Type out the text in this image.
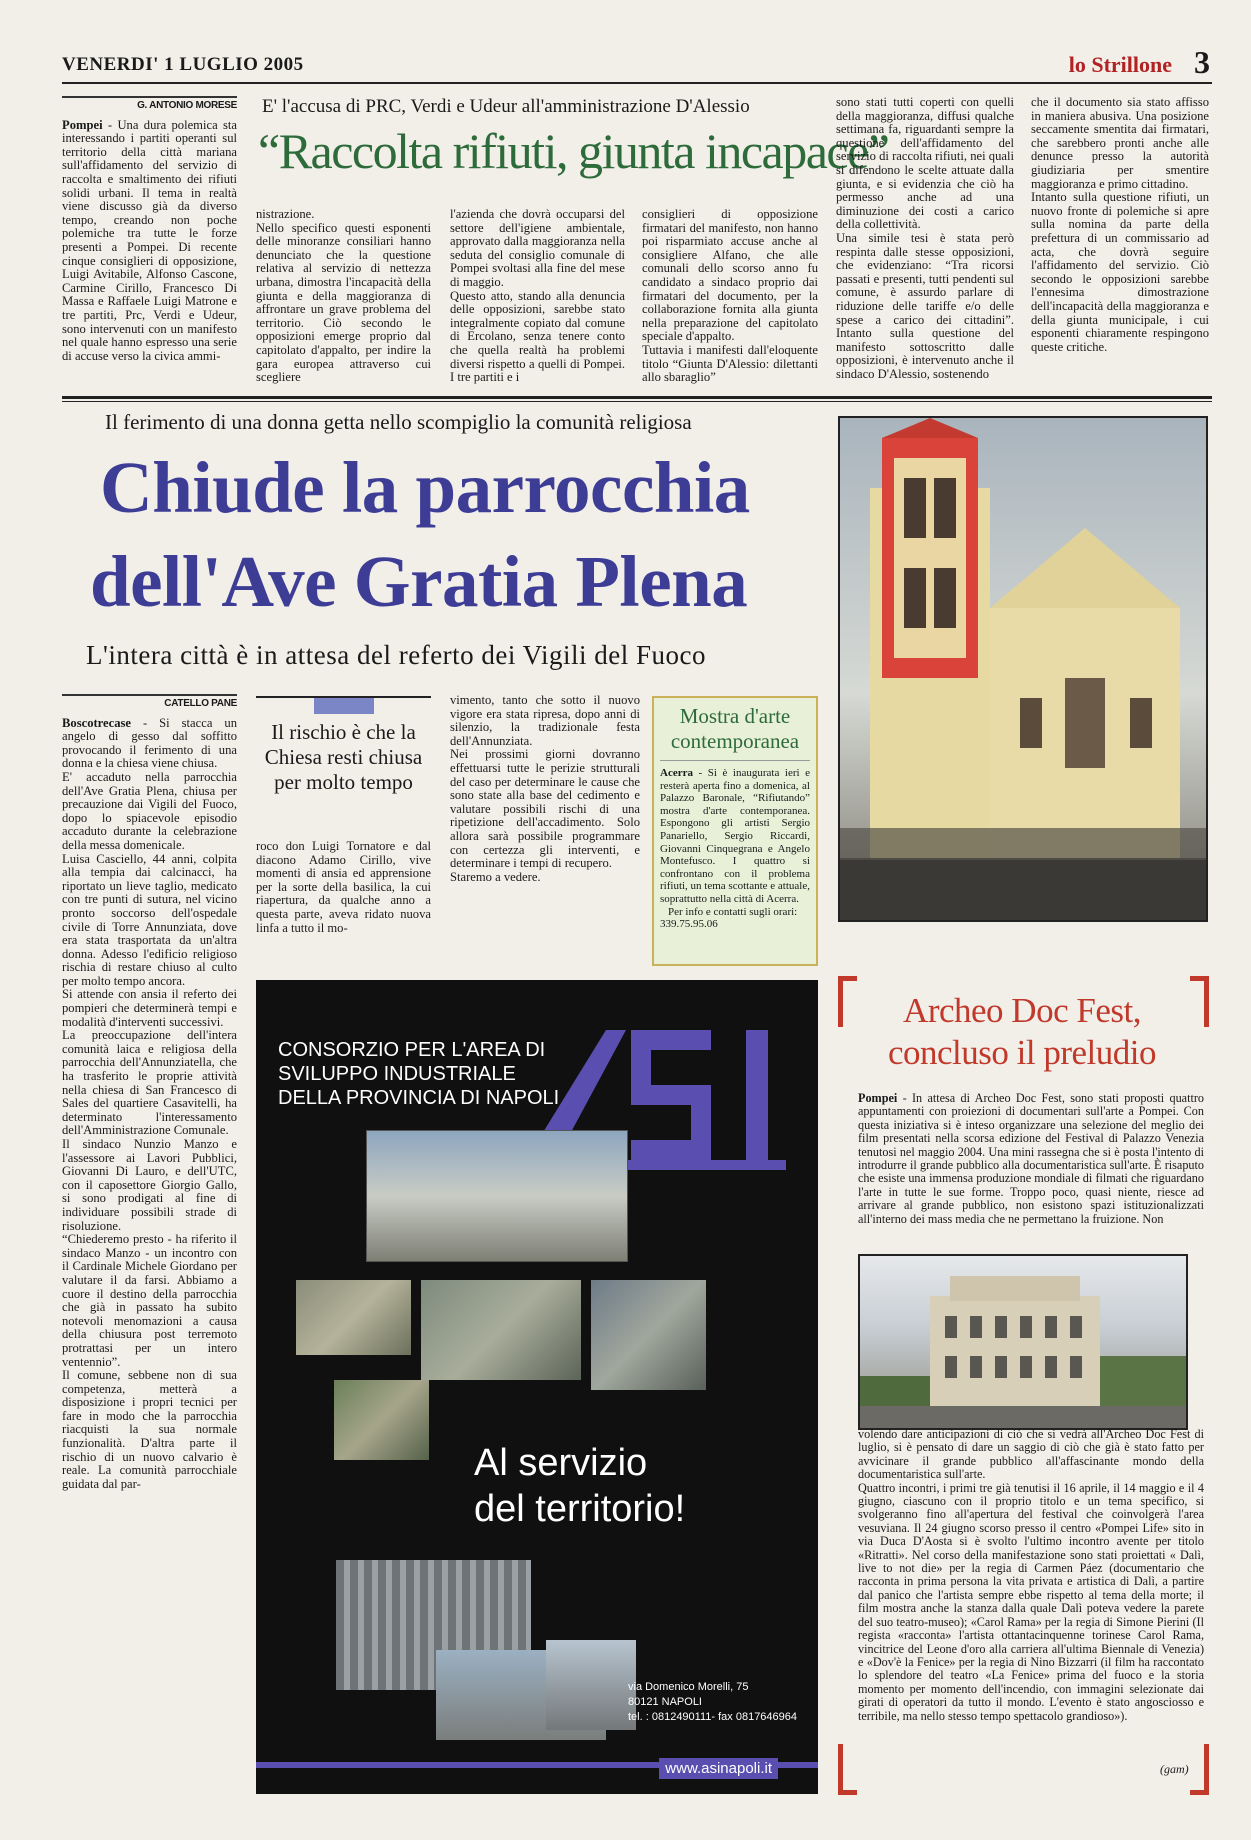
VENERDI' 1 LUGLIO 2005	lo Strillone 3
G. ANTONIO MORESE

Pompei - Una dura polemica sta interessando i partiti operanti sul territorio della città mariana sull'affidamento del servizio di raccolta e smaltimento dei rifiuti solidi urbani. Il tema in realtà viene discusso già da diverso tempo, creando non poche polemiche tra tutte le forze presenti a Pompei. Di recente cinque consiglieri di opposizione, Luigi Avitabile, Alfonso Cascone, Carmine Cirillo, Francesco Di Massa e Raffaele Luigi Matrone e tre partiti, Prc, Verdi e Udeur, sono intervenuti con un manifesto nel quale hanno espresso una serie di accuse verso la civica ammi-

E' l'accusa di PRC, Verdi e Udeur all'amministrazione D'Alessio
“Raccolta rifiuti, giunta incapace”
nistrazione.
Nello specifico questi esponenti delle minoranze consiliari hanno denunciato che la questione relativa al servizio di nettezza urbana, dimostra l'incapacità della giunta e della maggioranza di affrontare un grave problema del territorio. Ciò secondo le opposizioni emerge proprio dal capitolato d'appalto, per indire la gara europea attraverso cui scegliere
l'azienda che dovrà occuparsi del settore dell'igiene ambientale, approvato dalla maggioranza nella seduta del consiglio comunale di Pompei svoltasi alla fine del mese di maggio.
Questo atto, stando alla denuncia delle opposizioni, sarebbe stato integralmente copiato dal comune di Ercolano, senza tenere conto che quella realtà ha problemi diversi rispetto a quelli di Pompei. I tre partiti e i
consiglieri di opposizione firmatari del manifesto, non hanno poi risparmiato accuse anche al consigliere Alfano, che alle comunali dello scorso anno fu candidato a sindaco proprio dai firmatari del documento, per la collaborazione fornita alla giunta nella preparazione del capitolato speciale d'appalto.
Tuttavia i manifesti dall'eloquente titolo “Giunta D'Alessio: dilettanti allo sbaraglio”
sono stati tutti coperti con quelli della maggioranza, diffusi qualche settimana fa, riguardanti sempre la questione dell'affidamento del servizio di raccolta rifiuti, nei quali si difendono le scelte attuate dalla giunta, e si evidenzia che ciò ha permesso anche ad una diminuzione dei costi a carico della collettività.
Una simile tesi è stata però respinta dalle stesse opposizioni, che evidenziano: “Tra ricorsi passati e presenti, tutti pendenti sul comune, è assurdo parlare di riduzione delle tariffe e/o delle spese a carico dei cittadini”. Intanto sulla questione del manifesto sottoscritto dalle opposizioni, è intervenuto anche il sindaco D'Alessio, sostenendo
che il documento sia stato affisso in maniera abusiva. Una posizione seccamente smentita dai firmatari, che sarebbero pronti anche alle denunce presso la autorità giudiziaria per smentire maggioranza e primo cittadino.
Intanto sulla questione rifiuti, un nuovo fronte di polemiche si apre sulla nomina da parte della prefettura di un commissario ad acta, che dovrà seguire l'affidamento del servizio. Ciò secondo le opposizioni sarebbe l'ennesima dimostrazione dell'incapacità della maggioranza e della giunta municipale, i cui esponenti chiaramente respingono queste critiche.
Il ferimento di una donna getta nello scompiglio la comunità religiosa
Chiude la parrocchia
dell'Ave Gratia Plena
L'intera città è in attesa del referto dei Vigili del Fuoco
CATELLO PANE

Boscotrecase - Si stacca un angelo di gesso dal soffitto provocando il ferimento di una donna e la chiesa viene chiusa.

E' accaduto nella parrocchia dell'Ave Gratia Plena, chiusa per precauzione dai Vigili del Fuoco, dopo lo spiacevole episodio accaduto durante la celebrazione della messa domenicale.
Luisa Casciello, 44 anni, colpita alla tempia dai calcinacci, ha riportato un lieve taglio, medicato con tre punti di sutura, nel vicino pronto soccorso dell'ospedale civile di Torre Annunziata, dove era stata trasportata da un'altra donna. Adesso l'edificio religioso rischia di restare chiuso al culto per molto tempo ancora.
Si attende con ansia il referto dei pompieri che determinerà tempi e modalità d'interventi successivi.
La preoccupazione dell'intera comunità laica e religiosa della parrocchia dell'Annunziatella, che ha trasferito le proprie attività nella chiesa di San Francesco di Sales del quartiere Casavitelli, ha determinato l'interessamento dell'Amministrazione Comunale.
Il sindaco Nunzio Manzo e l'assessore ai Lavori Pubblici, Giovanni Di Lauro, e dell'UTC, con il caposettore Giorgio Gallo, si sono prodigati al fine di individuare possibili strade di risoluzione.
“Chiederemo presto - ha riferito il sindaco Manzo - un incontro con il Cardinale Michele Giordano per valutare il da farsi. Abbiamo a cuore il destino della parrocchia che già in passato ha subito notevoli menomazioni a causa della chiusura post terremoto protrattasi per un intero ventennio”.
Il comune, sebbene non di sua competenza, metterà a disposizione i propri tecnici per fare in modo che la parrocchia riacquisti la sua normale funzionalità. D'altra parte il rischio di un nuovo calvario è reale. La comunità parrocchiale guidata dal par-
Il rischio è che la Chiesa resti chiusa per molto tempo
roco don Luigi Tornatore e dal diacono Adamo Cirillo, vive momenti di ansia ed apprensione per la sorte della basilica, la cui riapertura, da qualche anno a questa parte, aveva ridato nuova linfa a tutto il mo-
vimento, tanto che sotto il nuovo vigore era stata ripresa, dopo anni di silenzio, la tradizionale festa dell'Annunziata.
Nei prossimi giorni dovranno effettuarsi tutte le perizie strutturali del caso per determinare le cause che sono state alla base del cedimento e valutare possibili rischi di una ripetizione dell'accadimento. Solo allora sarà possibile programmare con certezza gli interventi, e determinare i tempi di recupero.
Staremo a vedere.
Mostra d'arte contemporanea
Acerra - Si è inaugurata ieri e resterà aperta fino a domenica, al Palazzo Baronale, “Rifiutando” mostra d'arte contemporanea. Espongono gli artisti Sergio Panariello, Sergio Riccardi, Giovanni Cinquegrana e Angelo Montefusco. I quattro si confrontano con il problema rifiuti, un tema scottante e attuale, soprattutto nella città di Acerra.
Per info e contatti sugli orari: 339.75.95.06
CONSORZIO PER L'AREA DI
SVILUPPO INDUSTRIALE
DELLA PROVINCIA DI NAPOLI
Al servizio
del territorio!
via Domenico Morelli, 75
80121 NAPOLI
tel. : 0812490111- fax 0817646964
www.asinapoli.it
Archeo Doc Fest,
concluso il preludio

Pompei - In attesa di Archeo Doc Fest, sono stati proposti quattro appuntamenti con proiezioni di documentari sull'arte a Pompei. Con questa iniziativa si è inteso organizzare una selezione del meglio dei film presentati nella scorsa edizione del Festival di Palazzo Venezia tenutosi nel maggio 2004. Una mini rassegna che si è posta l'intento di introdurre il grande pubblico alla documentaristica sull'arte. È risaputo che esiste una immensa produzione mondiale di filmati che riguardano l'arte in tutte le sue forme. Troppo poco, quasi niente, riesce ad arrivare al grande pubblico, non esistono spazi istituzionalizzati all'interno dei mass media che ne permettano la fruizione. Non

volendo dare anticipazioni di ciò che si vedrà all'Archeo Doc Fest di luglio, si è pensato di dare un saggio di ciò che già è stato fatto per avvicinare il grande pubblico all'affascinante mondo della documentaristica sull'arte.
Quattro incontri, i primi tre già tenutisi il 16 aprile, il 14 maggio e il 4 giugno, ciascuno con il proprio titolo e un tema specifico, si svolgeranno fino all'apertura del festival che coinvolgerà l'area vesuviana. Il 24 giugno scorso presso il centro «Pompei Life» sito in via Duca D'Aosta si è svolto l'ultimo incontro avente per titolo «Ritratti». Nel corso della manifestazione sono stati proiettati « Dalì, live to not die» per la regia di Carmen Páez (documentario che racconta in prima persona la vita privata e artistica di Dalì, a partire dal panico che l'artista sempre ebbe rispetto al tema della morte; il film mostra anche la stanza dalla quale Dalì poteva vedere la parete del suo teatro-museo); «Carol Rama» per la regia di Simone Pierini (Il regista «racconta» l'artista ottantacinquenne torinese Carol Rama, vincitrice del Leone d'oro alla carriera all'ultima Biennale di Venezia) e «Dov'è la Fenice» per la regia di Nino Bizzarri (il film ha raccontato lo splendore del teatro «La Fenice» prima del fuoco e la storia momento per momento dell'incendio, con immagini selezionate dai girati di operatori da tutto il mondo. L'evento è stato angosciosso e terribile, ma nello stesso tempo spettacolo grandioso»).
(gam)
